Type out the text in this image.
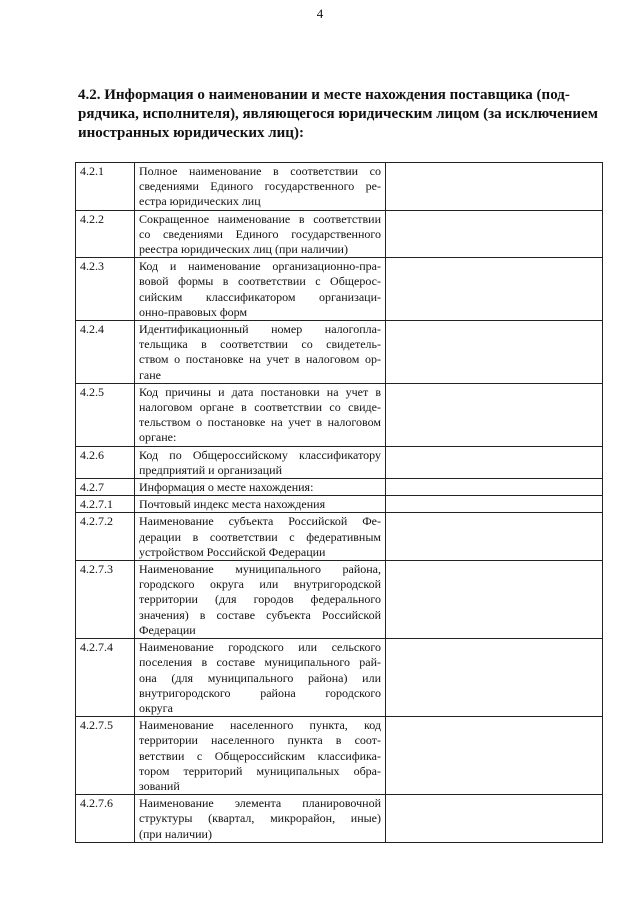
4
4.2. Информация о наименовании и месте нахождения поставщика (под-
рядчика, исполнителя), являющегося юридическим лицом (за исключением
иностранных юридических лиц):
4.2.1	Полное наименование в соответствии со
сведениями Единого государственного ре-
естра юридических лиц	

4.2.2	Сокращенное наименование в соответствии
со сведениями Единого государственного
реестра юридических лиц (при наличии)	

4.2.3	Код и наименование организационно-пра-
вовой формы в соответствии с Общерос-
сийским классификатором организаци-
онно-правовых форм	

4.2.4	Идентификационный номер налогопла-
тельщика в соответствии со свидетель-
ством о постановке на учет в налоговом ор-
гане	

4.2.5	Код причины и дата постановки на учет в
налоговом органе в соответствии со свиде-
тельством о постановке на учет в налоговом
органе:	

4.2.6	Код по Общероссийскому классификатору
предприятий и организаций	

4.2.7	Информация о месте нахождения:	

4.2.7.1	Почтовый индекс места нахождения	

4.2.7.2	Наименование субъекта Российской Фе-
дерации в соответствии с федеративным
устройством Российской Федерации	

4.2.7.3	Наименование муниципального района,
городского округа или внутригородской
территории (для городов федерального
значения) в составе субъекта Российской
Федерации	

4.2.7.4	Наименование городского или сельского
поселения в составе муниципального рай-
она (для муниципального района) или
внутригородского района городского
округа	

4.2.7.5	Наименование населенного пункта, код
территории населенного пункта в соот-
ветствии с Общероссийским классифика-
тором территорий муниципальных обра-
зований	

4.2.7.6	Наименование элемента планировочной
структуры (квартал, микрорайон, иные)
(при наличии)	
